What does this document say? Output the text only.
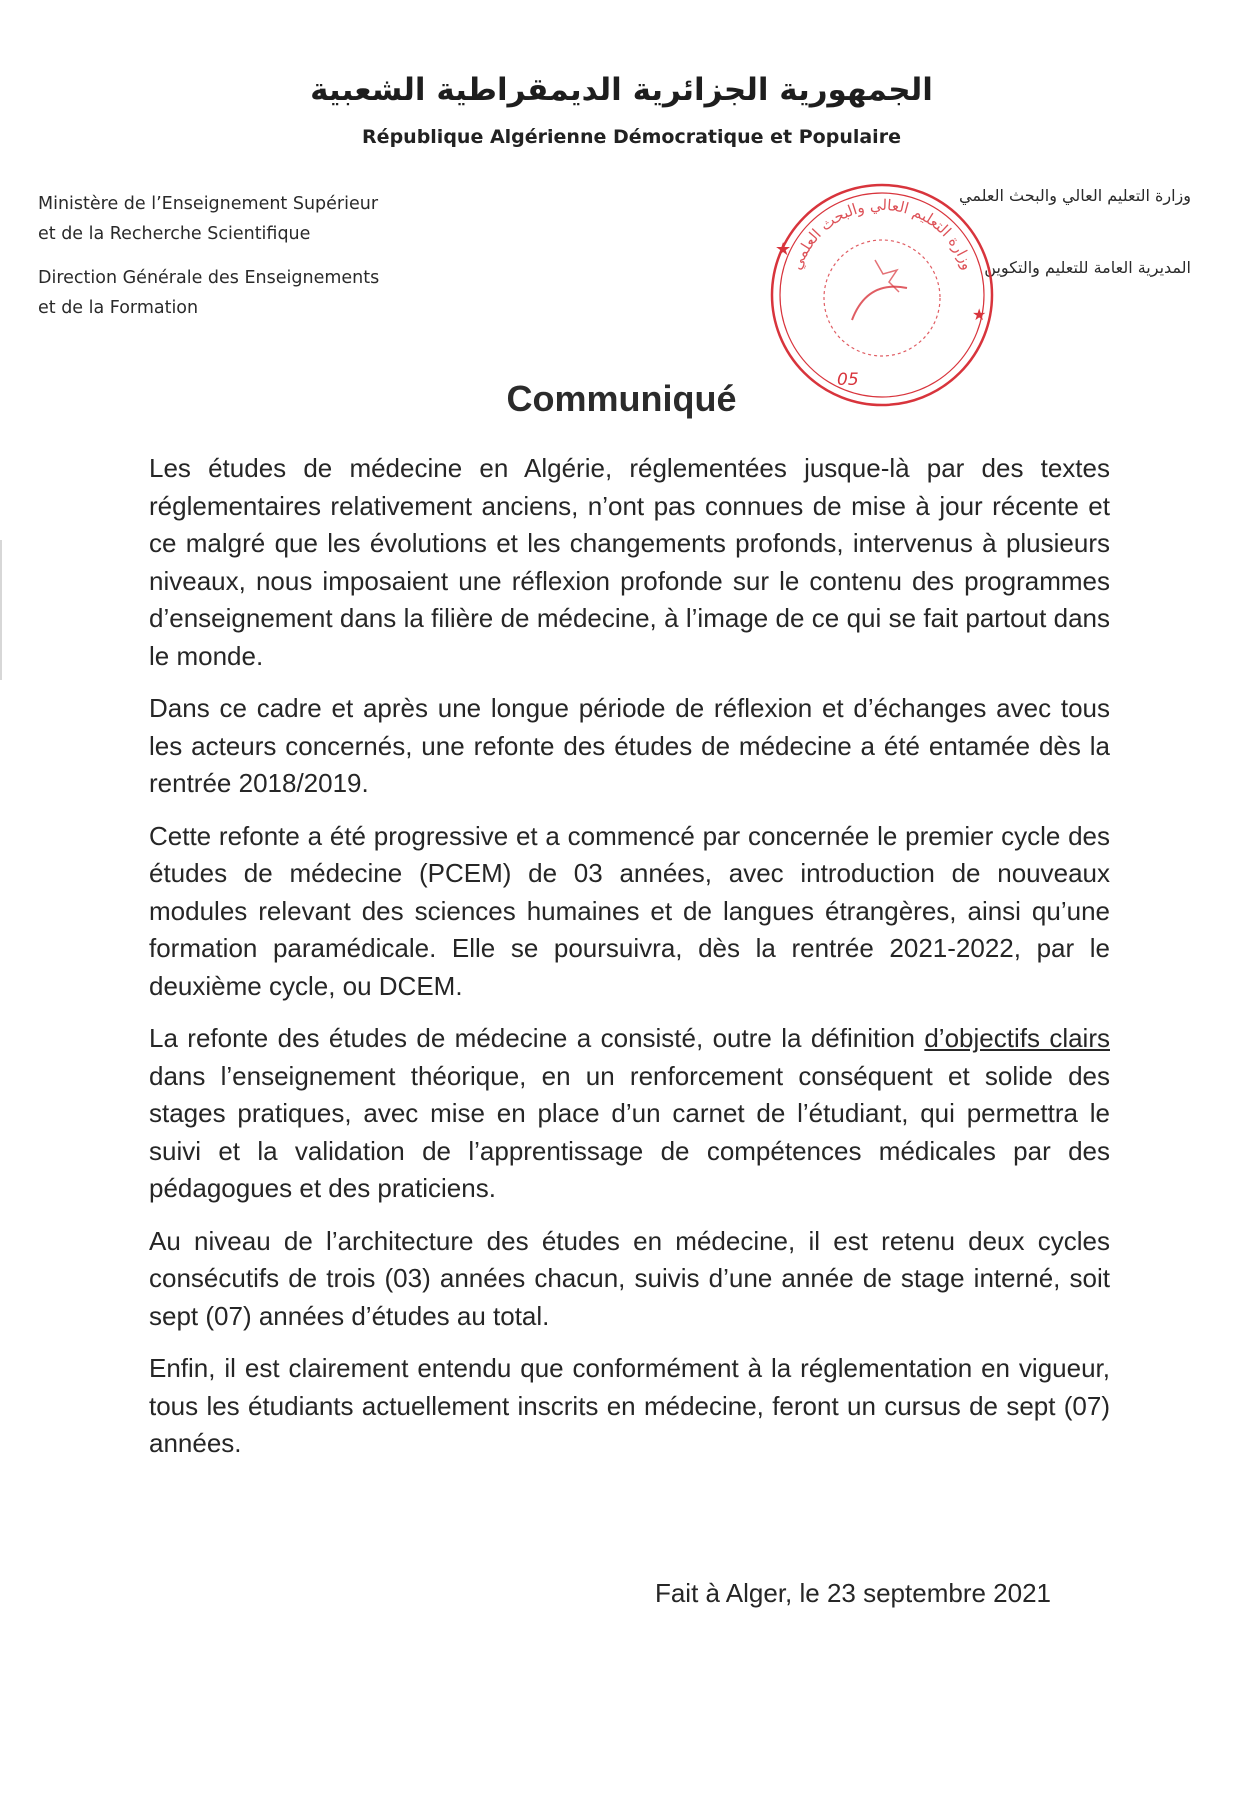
الجمهورية الجزائرية الديمقراطية الشعبية
République Algérienne Démocratique et Populaire
Ministère de l’Enseignement Supérieur
et de la Recherche Scientifique
Direction Générale des Enseignements
et de la Formation
وزارة التعليم العالي والبحث العلمي
المديرية العامة للتعليم والتكوين
وزارة التعليم العالي والبحث العلمي
★
★
05
Communiqué

Les études de médecine en Algérie, réglementées jusque-là par des textes réglementaires relativement anciens, n’ont pas connues de mise à jour récente et ce malgré que les évolutions et les changements profonds, intervenus à plusieurs niveaux, nous imposaient une réflexion profonde sur le contenu des programmes d’enseignement dans la filière de médecine, à l’image de ce qui se fait partout dans le monde.

Dans ce cadre et après une longue période de réflexion et d’échanges avec tous les acteurs concernés, une refonte des études de médecine a été entamée dès la rentrée 2018/2019.

Cette refonte a été progressive et a commencé par concernée le premier cycle des études de médecine (PCEM) de 03 années, avec introduction de nouveaux modules relevant des sciences humaines et de langues étrangères, ainsi qu’une formation paramédicale. Elle se poursuivra, dès la rentrée 2021-2022, par le deuxième cycle, ou DCEM.

La refonte des études de médecine a consisté, outre la définition d’objectifs clairs dans l’enseignement théorique, en un renforcement conséquent et solide des stages pratiques, avec mise en place d’un carnet de l’étudiant, qui permettra le suivi et la validation de l’apprentissage de compétences médicales par des pédagogues et des praticiens.

Au niveau de l’architecture des études en médecine, il est retenu deux cycles consécutifs de trois (03) années chacun, suivis d’une année de stage interné, soit sept (07) années d’études au total.

Enfin, il est clairement entendu que conformément à la réglementation en vigueur, tous les étudiants actuellement inscrits en médecine, feront un cursus de sept (07) années.

Fait à Alger, le 23 septembre 2021
